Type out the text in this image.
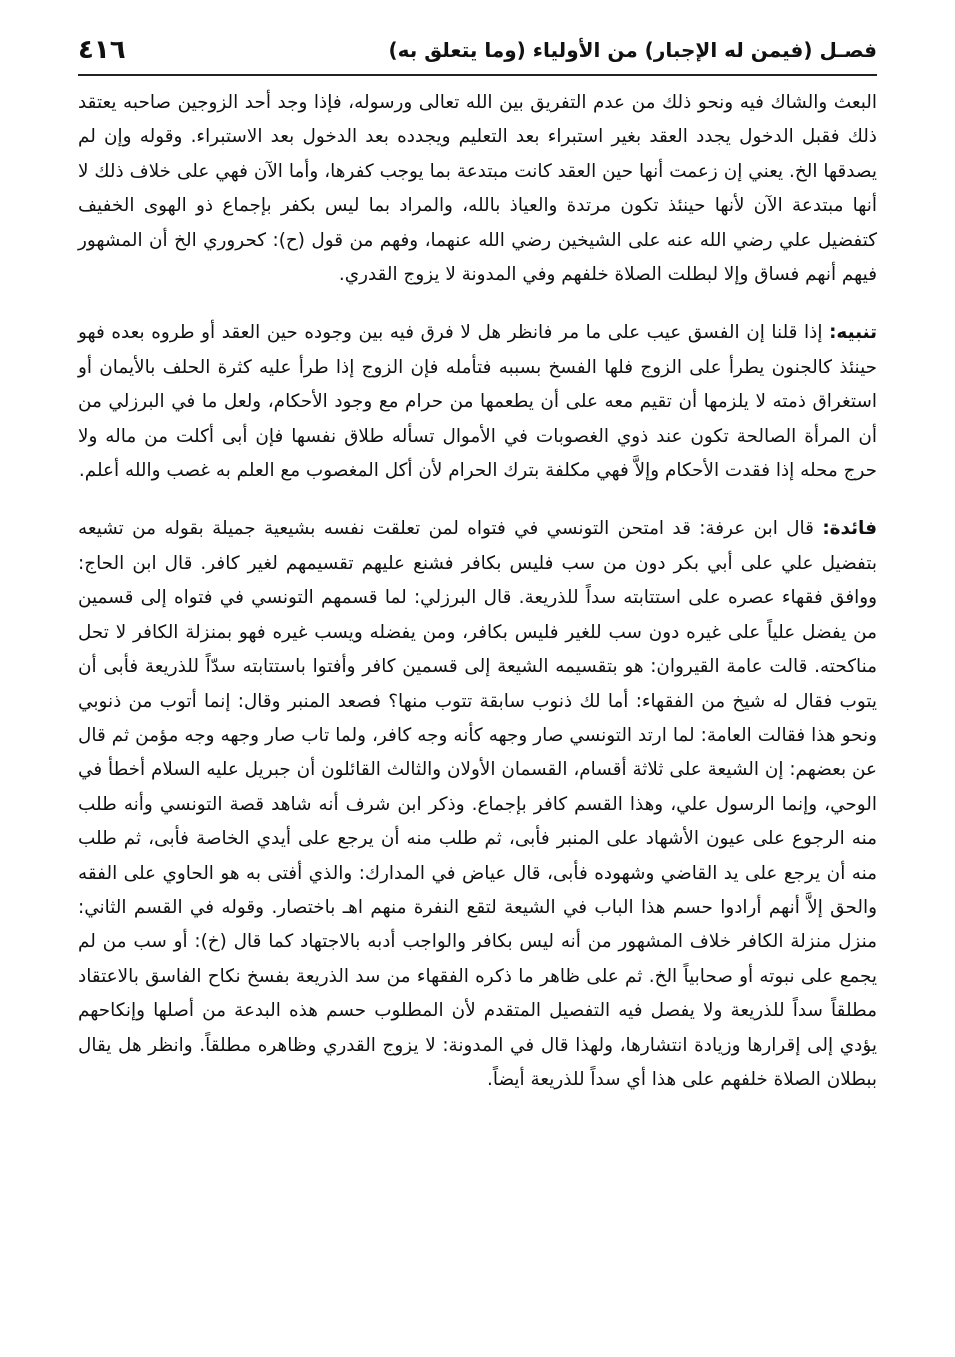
فصـل (فيمن له الإجبار) من الأولياء (وما يتعلق به)
٤١٦

البعث والشاك فيه ونحو ذلك من عدم التفريق بين الله تعالى ورسوله، فإذا وجد أحد الزوجين صاحبه يعتقد ذلك فقبل الدخول يجدد العقد بغير استبراء بعد التعليم ويجدده بعد الدخول بعد الاستبراء. وقوله وإن لم يصدقها الخ. يعني إن زعمت أنها حين العقد كانت مبتدعة بما يوجب كفرها، وأما الآن فهي على خلاف ذلك لا أنها مبتدعة الآن لأنها حينئذ تكون مرتدة والعياذ بالله، والمراد بما ليس بكفر بإجماع ذو الهوى الخفيف كتفضيل علي رضي الله عنه على الشيخين رضي الله عنهما، وفهم من قول (ح): كحروري الخ أن المشهور فيهم أنهم فساق وإلا لبطلت الصلاة خلفهم وفي المدونة لا يزوج القدري.

تنبيه: إذا قلنا إن الفسق عيب على ما مر فانظر هل لا فرق فيه بين وجوده حين العقد أو طروه بعده فهو حينئذ كالجنون يطرأ على الزوج فلها الفسخ بسببه فتأمله فإن الزوج إذا طرأ عليه كثرة الحلف بالأيمان أو استغراق ذمته لا يلزمها أن تقيم معه على أن يطعمها من حرام مع وجود الأحكام، ولعل ما في البرزلي من أن المرأة الصالحة تكون عند ذوي الغصوبات في الأموال تسأله طلاق نفسها فإن أبى أكلت من ماله ولا حرج محله إذا فقدت الأحكام وإلاَّ فهي مكلفة بترك الحرام لأن أكل المغصوب مع العلم به غصب والله أعلم.

فائدة: قال ابن عرفة: قد امتحن التونسي في فتواه لمن تعلقت نفسه بشيعية جميلة بقوله من تشيعه بتفضيل علي على أبي بكر دون من سب فليس بكافر فشنع عليهم تقسيمهم لغير كافر. قال ابن الحاج: ووافق فقهاء عصره على استتابته سداً للذريعة. قال البرزلي: لما قسمهم التونسي في فتواه إلى قسمين من يفضل علياً على غيره دون سب للغير فليس بكافر، ومن يفضله ويسب غيره فهو بمنزلة الكافر لا تحل مناكحته. قالت عامة القيروان: هو بتقسيمه الشيعة إلى قسمين كافر وأفتوا باستتابته سدّاً للذريعة فأبى أن يتوب فقال له شيخ من الفقهاء: أما لك ذنوب سابقة تتوب منها؟ فصعد المنبر وقال: إنما أتوب من ذنوبي ونحو هذا فقالت العامة: لما ارتد التونسي صار وجهه كأنه وجه كافر، ولما تاب صار وجهه وجه مؤمن ثم قال عن بعضهم: إن الشيعة على ثلاثة أقسام، القسمان الأولان والثالث القائلون أن جبريل عليه السلام أخطأ في الوحي، وإنما الرسول علي، وهذا القسم كافر بإجماع. وذكر ابن شرف أنه شاهد قصة التونسي وأنه طلب منه الرجوع على عيون الأشهاد على المنبر فأبى، ثم طلب منه أن يرجع على أيدي الخاصة فأبى، ثم طلب منه أن يرجع على يد القاضي وشهوده فأبى، قال عياض في المدارك: والذي أفتى به هو الحاوي على الفقه والحق إلاَّ أنهم أرادوا حسم هذا الباب في الشيعة لتقع النفرة منهم اهـ باختصار. وقوله في القسم الثاني: منزل منزلة الكافر خلاف المشهور من أنه ليس بكافر والواجب أدبه بالاجتهاد كما قال (خ): أو سب من لم يجمع على نبوته أو صحابياً الخ. ثم على ظاهر ما ذكره الفقهاء من سد الذريعة بفسخ نكاح الفاسق بالاعتقاد مطلقاً سداً للذريعة ولا يفصل فيه التفصيل المتقدم لأن المطلوب حسم هذه البدعة من أصلها وإنكاحهم يؤدي إلى إقرارها وزيادة انتشارها، ولهذا قال في المدونة: لا يزوج القدري وظاهره مطلقاً. وانظر هل يقال ببطلان الصلاة خلفهم على هذا أي سداً للذريعة أيضاً.
